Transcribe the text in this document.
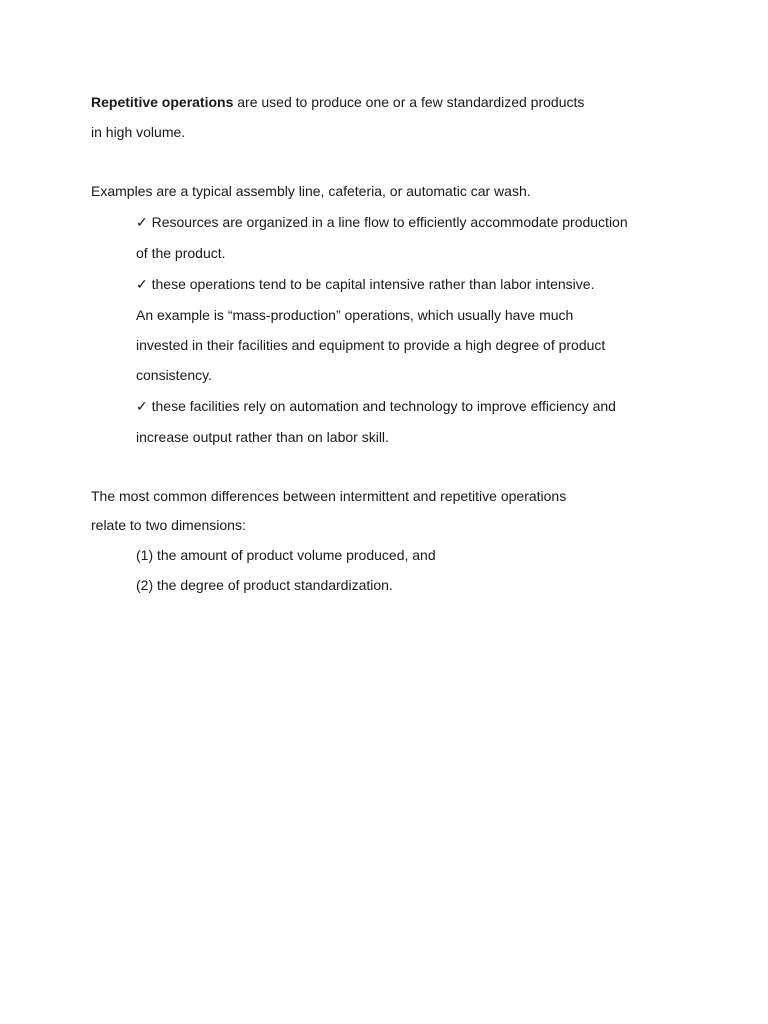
Repetitive operations are used to produce one or a few standardized products
in high volume.
Examples are a typical assembly line, cafeteria, or automatic car wash.
✓ Resources are organized in a line flow to efficiently accommodate production
of the product.
✓ these operations tend to be capital intensive rather than labor intensive.
An example is “mass-production” operations, which usually have much
invested in their facilities and equipment to provide a high degree of product
consistency.
✓ these facilities rely on automation and technology to improve efficiency and
increase output rather than on labor skill.
The most common differences between intermittent and repetitive operations
relate to two dimensions:
(1) the amount of product volume produced, and
(2) the degree of product standardization.
